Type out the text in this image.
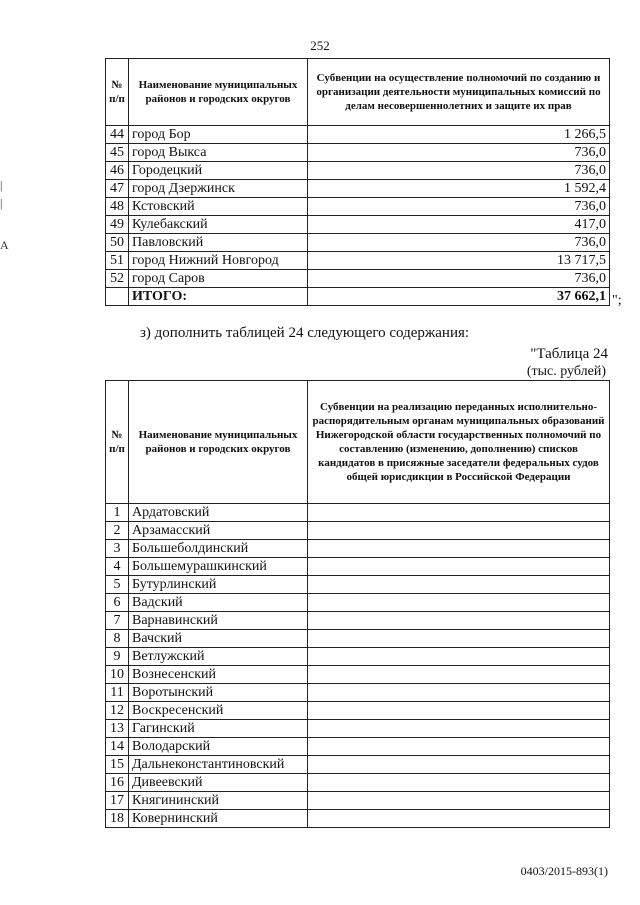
252
№ п/п	Наименование муниципальных районов и городских округов	Субвенции на осуществление полномочий по созданию и организации деятельности муниципальных комиссий по делам несовершеннолетних и защите их прав
44	город Бор	1 266,5
45	город Выкса	736,0
46	Городецкий	736,0
47	город Дзержинск	1 592,4
48	Кстовский	736,0
49	Кулебакский	417,0
50	Павловский	736,0
51	город Нижний Новгород	13 717,5
52	город Саров	736,0
	ИТОГО:	37 662,1 ";
з) дополнить таблицей 24 следующего содержания:
"Таблица 24
(тыс. рублей)
№ п/п	Наименование муниципальных районов и городских округов	Субвенции на реализацию переданных исполнительно-распорядительным органам муниципальных образований Нижегородской области государственных полномочий по составлению (изменению, дополнению) списков кандидатов в присяжные заседатели федеральных судов общей юрисдикции в Российской Федерации
1	Ардатовский	
2	Арзамасский	
3	Большеболдинский	
4	Большемурашкинский	
5	Бутурлинский	
6	Вадский	
7	Варнавинский	
8	Вачский	
9	Ветлужский	
10	Вознесенский	
11	Воротынский	
12	Воскресенский	
13	Гагинский	
14	Володарский	
15	Дальнеконстантиновский	
16	Дивеевский	
17	Княгининский	
18	Ковернинский	
0403/2015-893(1)
|
|
A
